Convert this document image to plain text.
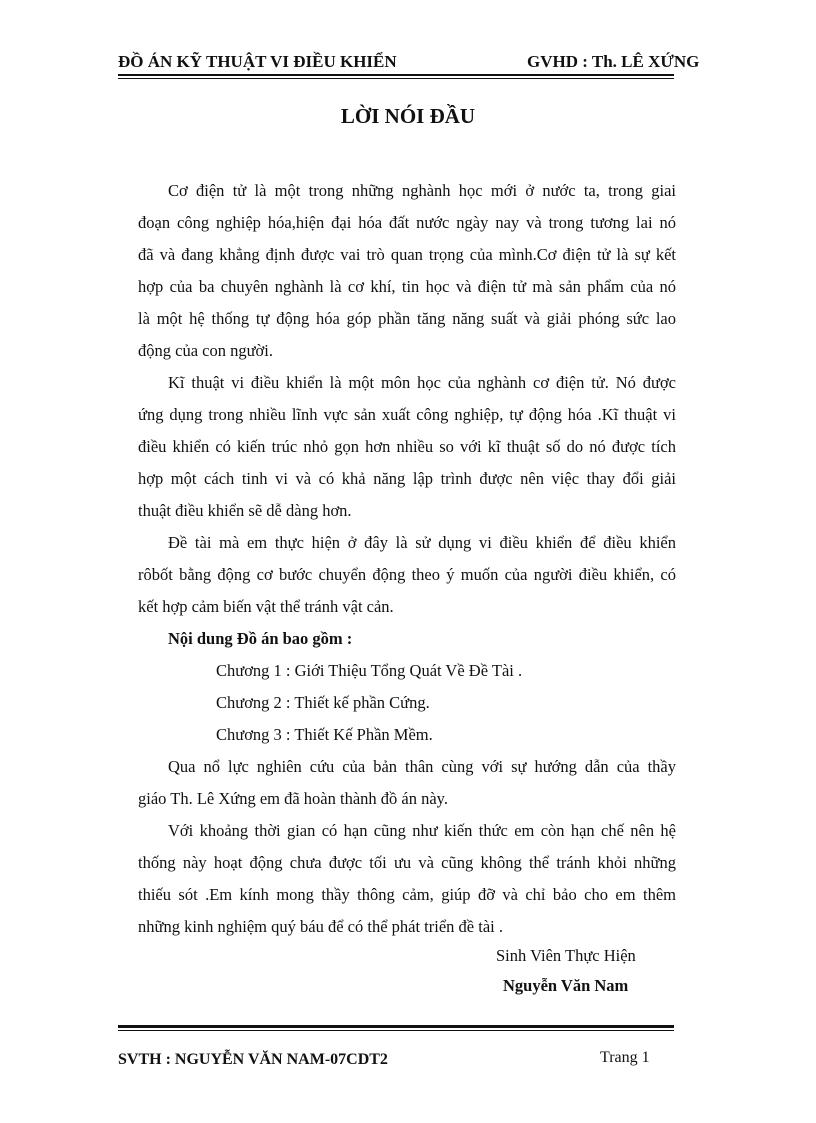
ĐỒ ÁN KỸ THUẬT VI ĐIỀU KHIỂN	GVHD : Th. LÊ XỨNG
LỜI NÓI ĐẦU
Cơ điện tử là một trong những nghành học mới ở nước ta, trong giai
đoạn công nghiệp hóa,hiện đại hóa đất nước ngày nay và trong tương lai nó
đã và đang khẳng định được vai trò quan trọng của mình.Cơ điện tử là sự kết
hợp của ba chuyên nghành là cơ khí, tin học và điện tử mà sản phẩm của nó
là một hệ thống tự động hóa góp phần tăng năng suất và giải phóng sức lao
động của con người.
Kĩ thuật vi điều khiển là một môn học của nghành cơ điện tử. Nó được
ứng dụng trong nhiều lĩnh vực sản xuất công nghiệp, tự động hóa .Kĩ thuật vi
điều khiển có kiến trúc nhỏ gọn hơn nhiều so với kĩ thuật số do nó được tích
hợp một cách tinh vi và có khả năng lập trình được nên việc thay đổi giải
thuật điều khiển sẽ dễ dàng hơn.
Đề tài mà em thực hiện ở đây là sử dụng vi điều khiển để điều khiển
rôbốt bằng động cơ bước chuyển động theo ý muốn của người điều khiển, có
kết hợp cảm biến vật thể tránh vật cản.
Nội dung Đồ án bao gồm :
Chương 1 : Giới Thiệu Tổng Quát Về Đề Tài .
Chương 2 : Thiết kế phần Cứng.
Chương 3 : Thiết Kế Phần Mềm.
Qua nổ lực nghiên cứu của bản thân cùng với sự hướng dẫn của thầy
giáo Th. Lê Xứng em đã hoàn thành đồ án này.
Với khoảng thời gian có hạn cũng như kiến thức em còn hạn chế nên hệ
thống này hoạt động chưa được tối ưu và cũng không thể tránh khỏi những
thiếu sót .Em kính mong thầy thông cảm, giúp đỡ và chỉ bảo cho em thêm
những kinh nghiệm quý báu để có thể phát triển đề tài .
Sinh Viên Thực Hiện
Nguyễn Văn Nam
SVTH : NGUYỄN VĂN NAM-07CDT2	Trang 1
